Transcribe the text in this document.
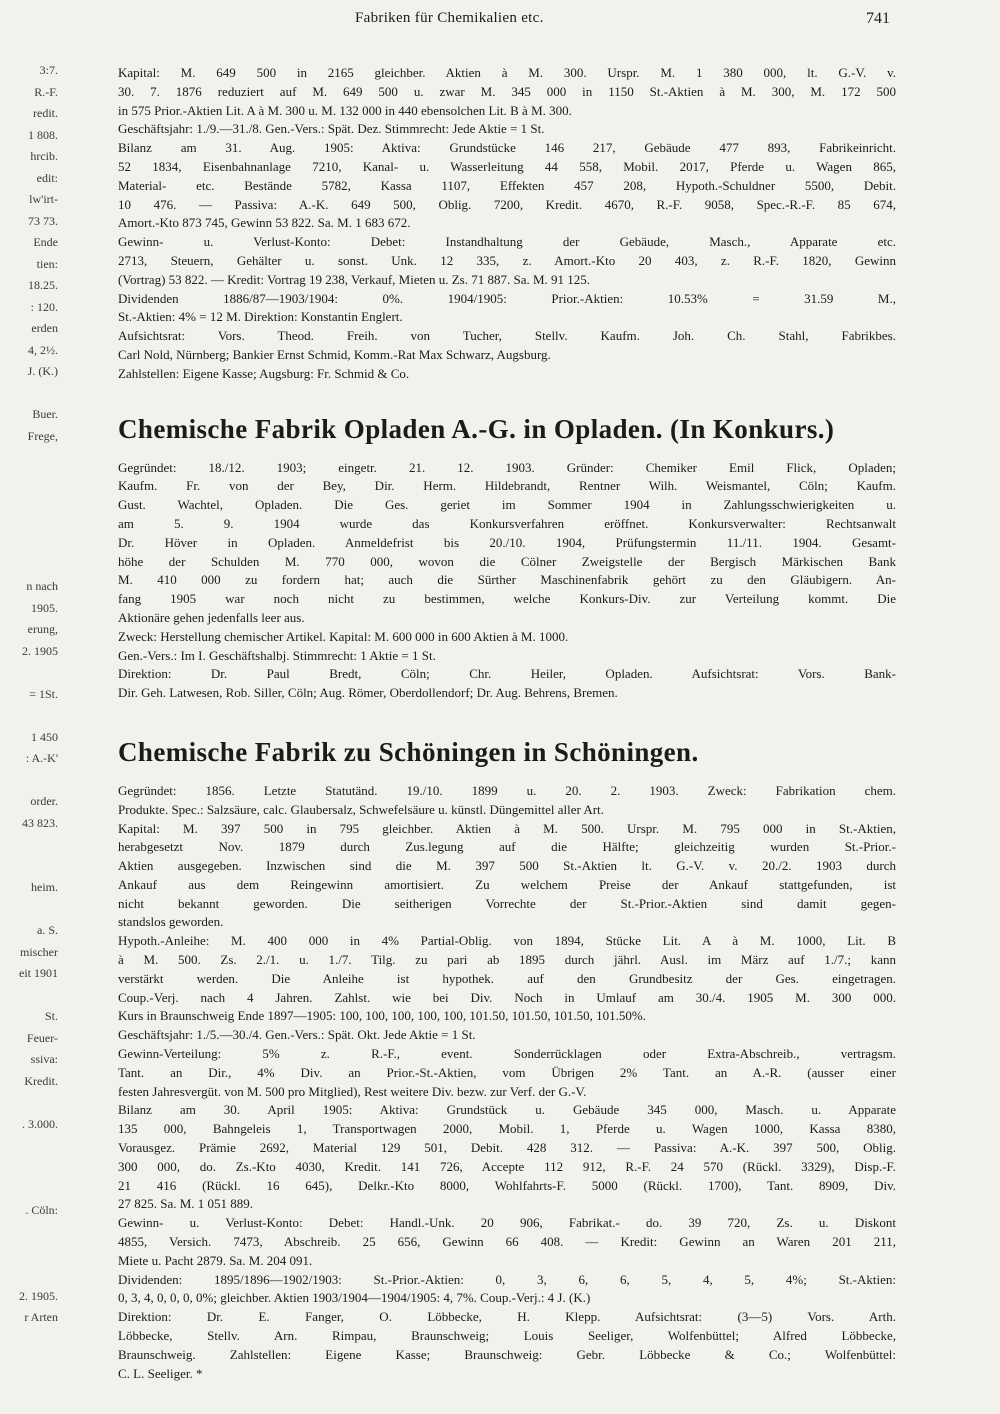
Fabriken für Chemikalien etc.	741
3:7.
R.-F.
redit.
1 808.
hrcib.
edit:
lw'irt-
73 73.
Ende
tien:
18.25.
: 120.
erden
4, 2½.
J. (K.)

Buer.
Frege,

n nach
1905.
erung,
2. 1905

= 1St.

1 450
: A.-K'

order.
43 823.

heim.

a. S.
mischer
eit 1901

St.
Feuer-
ssiva:
Kredit.

. 3.000.

. Cöln:

2. 1905.
r Arten
Kapital: M. 649 500 in 2165 gleichber. Aktien à M. 300. Urspr. M. 1 380 000, lt. G.-V. v.
30. 7. 1876 reduziert auf M. 649 500 u. zwar M. 345 000 in 1150 St.-Aktien à M. 300, M. 172 500
in 575 Prior.-Aktien Lit. A à M. 300 u. M. 132 000 in 440 ebensolchen Lit. B à M. 300.
Geschäftsjahr: 1./9.—31./8. Gen.-Vers.: Spät. Dez. Stimmrecht: Jede Aktie = 1 St.
Bilanz am 31. Aug. 1905: Aktiva: Grundstücke 146 217, Gebäude 477 893, Fabrikeinricht.
52 1834, Eisenbahnanlage 7210, Kanal- u. Wasserleitung 44 558, Mobil. 2017, Pferde u. Wagen 865,
Material- etc. Bestände 5782, Kassa 1107, Effekten 457 208, Hypoth.-Schuldner 5500, Debit.
10 476. — Passiva: A.-K. 649 500, Oblig. 7200, Kredit. 4670, R.-F. 9058, Spec.-R.-F. 85 674,
Amort.-Kto 873 745, Gewinn 53 822. Sa. M. 1 683 672.
Gewinn- u. Verlust-Konto: Debet: Instandhaltung der Gebäude, Masch., Apparate etc.
2713, Steuern, Gehälter u. sonst. Unk. 12 335, z. Amort.-Kto 20 403, z. R.-F. 1820, Gewinn
(Vortrag) 53 822. — Kredit: Vortrag 19 238, Verkauf, Mieten u. Zs. 71 887. Sa. M. 91 125.
Dividenden 1886/87—1903/1904: 0%. 1904/1905: Prior.-Aktien: 10.53% = 31.59 M.,
St.-Aktien: 4% = 12 M. Direktion: Konstantin Englert.
Aufsichtsrat: Vors. Theod. Freih. von Tucher, Stellv. Kaufm. Joh. Ch. Stahl, Fabrikbes.
Carl Nold, Nürnberg; Bankier Ernst Schmid, Komm.-Rat Max Schwarz, Augsburg.
Zahlstellen: Eigene Kasse; Augsburg: Fr. Schmid & Co.
Chemische Fabrik Opladen A.-G. in Opladen. (In Konkurs.)
Gegründet: 18./12. 1903; eingetr. 21. 12. 1903. Gründer: Chemiker Emil Flick, Opladen;
Kaufm. Fr. von der Bey, Dir. Herm. Hildebrandt, Rentner Wilh. Weismantel, Cöln; Kaufm.
Gust. Wachtel, Opladen. Die Ges. geriet im Sommer 1904 in Zahlungsschwierigkeiten u.
am 5. 9. 1904 wurde das Konkursverfahren eröffnet. Konkursverwalter: Rechtsanwalt
Dr. Höver in Opladen. Anmeldefrist bis 20./10. 1904, Prüfungstermin 11./11. 1904. Gesamt-
höhe der Schulden M. 770 000, wovon die Cölner Zweigstelle der Bergisch Märkischen Bank
M. 410 000 zu fordern hat; auch die Sürther Maschinenfabrik gehört zu den Gläubigern. An-
fang 1905 war noch nicht zu bestimmen, welche Konkurs-Div. zur Verteilung kommt. Die
Aktionäre gehen jedenfalls leer aus.
Zweck: Herstellung chemischer Artikel. Kapital: M. 600 000 in 600 Aktien à M. 1000.
Gen.-Vers.: Im I. Geschäftshalbj. Stimmrecht: 1 Aktie = 1 St.
Direktion: Dr. Paul Bredt, Cöln; Chr. Heiler, Opladen. Aufsichtsrat: Vors. Bank-
Dir. Geh. Latwesen, Rob. Siller, Cöln; Aug. Römer, Oberdollendorf; Dr. Aug. Behrens, Bremen.
Chemische Fabrik zu Schöningen in Schöningen.
Gegründet: 1856. Letzte Statutänd. 19./10. 1899 u. 20. 2. 1903. Zweck: Fabrikation chem.
Produkte. Spec.: Salzsäure, calc. Glaubersalz, Schwefelsäure u. künstl. Düngemittel aller Art.
Kapital: M. 397 500 in 795 gleichber. Aktien à M. 500. Urspr. M. 795 000 in St.-Aktien,
herabgesetzt Nov. 1879 durch Zus.legung auf die Hälfte; gleichzeitig wurden St.-Prior.-
Aktien ausgegeben. Inzwischen sind die M. 397 500 St.-Aktien lt. G.-V. v. 20./2. 1903 durch
Ankauf aus dem Reingewinn amortisiert. Zu welchem Preise der Ankauf stattgefunden, ist
nicht bekannt geworden. Die seitherigen Vorrechte der St.-Prior.-Aktien sind damit gegen-
standslos geworden.
Hypoth.-Anleihe: M. 400 000 in 4% Partial-Oblig. von 1894, Stücke Lit. A à M. 1000, Lit. B
à M. 500. Zs. 2./1. u. 1./7. Tilg. zu pari ab 1895 durch jährl. Ausl. im März auf 1./7.; kann
verstärkt werden. Die Anleihe ist hypothek. auf den Grundbesitz der Ges. eingetragen.
Coup.-Verj. nach 4 Jahren. Zahlst. wie bei Div. Noch in Umlauf am 30./4. 1905 M. 300 000.
Kurs in Braunschweig Ende 1897—1905: 100, 100, 100, 100, 100, 101.50, 101.50, 101.50, 101.50%.
Geschäftsjahr: 1./5.—30./4. Gen.-Vers.: Spät. Okt. Jede Aktie = 1 St.
Gewinn-Verteilung: 5% z. R.-F., event. Sonderrücklagen oder Extra-Abschreib., vertragsm.
Tant. an Dir., 4% Div. an Prior.-St.-Aktien, vom Übrigen 2% Tant. an A.-R. (ausser einer
festen Jahresvergüt. von M. 500 pro Mitglied), Rest weitere Div. bezw. zur Verf. der G.-V.
Bilanz am 30. April 1905: Aktiva: Grundstück u. Gebäude 345 000, Masch. u. Apparate
135 000, Bahngeleis 1, Transportwagen 2000, Mobil. 1, Pferde u. Wagen 1000, Kassa 8380,
Vorausgez. Prämie 2692, Material 129 501, Debit. 428 312. — Passiva: A.-K. 397 500, Oblig.
300 000, do. Zs.-Kto 4030, Kredit. 141 726, Accepte 112 912, R.-F. 24 570 (Rückl. 3329), Disp.-F.
21 416 (Rückl. 16 645), Delkr.-Kto 8000, Wohlfahrts-F. 5000 (Rückl. 1700), Tant. 8909, Div.
27 825. Sa. M. 1 051 889.
Gewinn- u. Verlust-Konto: Debet: Handl.-Unk. 20 906, Fabrikat.- do. 39 720, Zs. u. Diskont
4855, Versich. 7473, Abschreib. 25 656, Gewinn 66 408. — Kredit: Gewinn an Waren 201 211,
Miete u. Pacht 2879. Sa. M. 204 091.
Dividenden: 1895/1896—1902/1903: St.-Prior.-Aktien: 0, 3, 6, 6, 5, 4, 5, 4%; St.-Aktien:
0, 3, 4, 0, 0, 0, 0%; gleichber. Aktien 1903/1904—1904/1905: 4, 7%. Coup.-Verj.: 4 J. (K.)
Direktion: Dr. E. Fanger, O. Löbbecke, H. Klepp. Aufsichtsrat: (3—5) Vors. Arth.
Löbbecke, Stellv. Arn. Rimpau, Braunschweig; Louis Seeliger, Wolfenbüttel; Alfred Löbbecke,
Braunschweig. Zahlstellen: Eigene Kasse; Braunschweig: Gebr. Löbbecke & Co.; Wolfenbüttel:
C. L. Seeliger. *
